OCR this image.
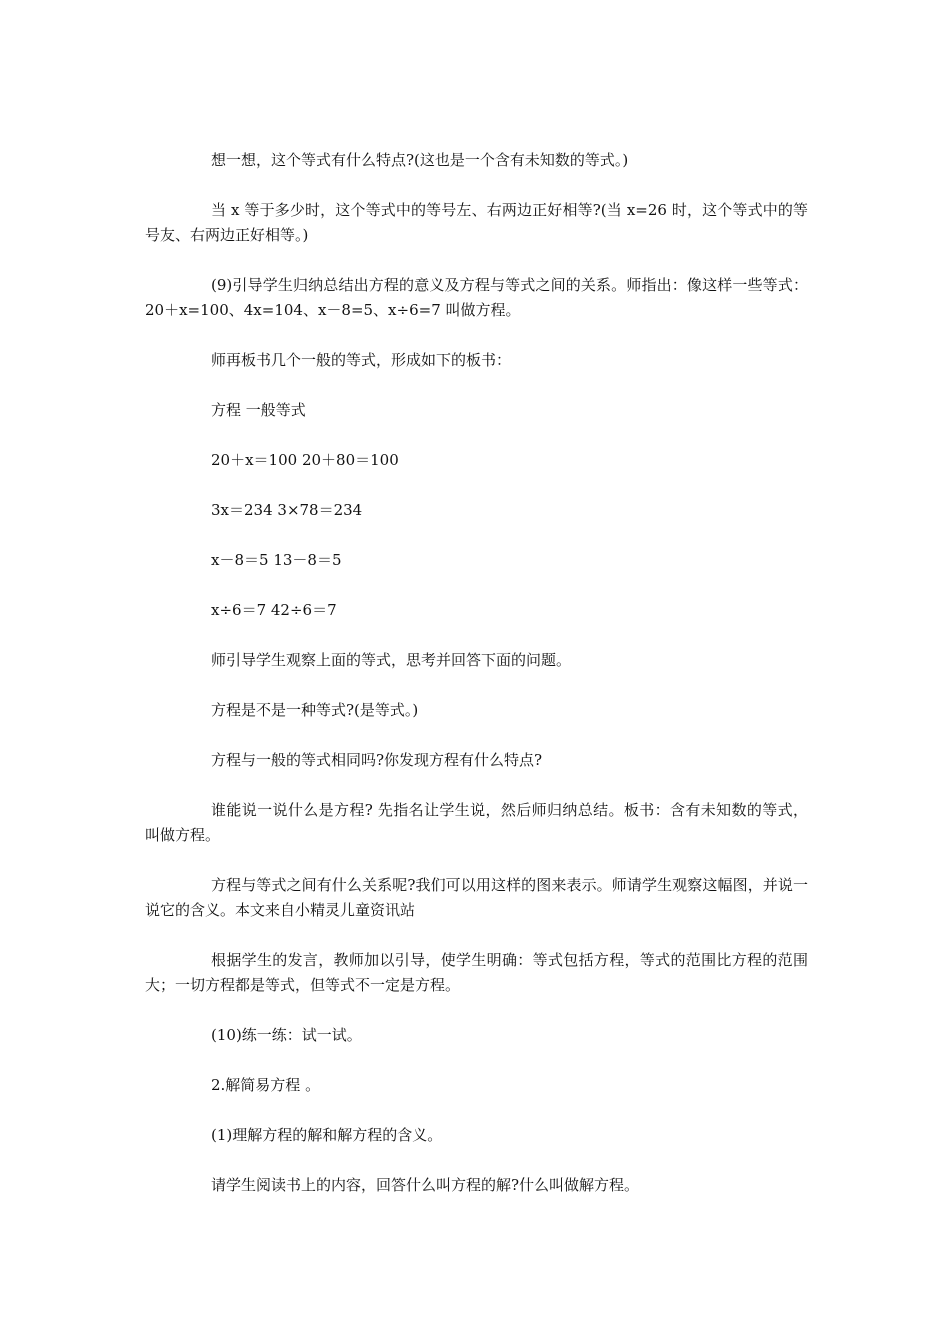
想一想，这个等式有什么特点?(这也是一个含有未知数的等式。)

当 x 等于多少时，这个等式中的等号左、右两边正好相等?(当 x=26 时，这个等式中的等号友、右两边正好相等。)

(9)引导学生归纳总结出方程的意义及方程与等式之间的关系。师指出：像这样一些等式：20＋x=100、4x=104、x－8=5、x÷6=7 叫做方程。

师再板书几个一般的等式，形成如下的板书：

方程 一般等式

20＋x＝100 20＋80＝100

3x＝234 3×78＝234

x－8＝5 13－8＝5

x÷6＝7 42÷6＝7

师引导学生观察上面的等式，思考并回答下面的问题。

方程是不是一种等式?(是等式。)

方程与一般的等式相同吗?你发现方程有什么特点?

谁能说一说什么是方程? 先指名让学生说，然后师归纳总结。板书：含有未知数的等式，叫做方程。

方程与等式之间有什么关系呢?我们可以用这样的图来表示。师请学生观察这幅图，并说一说它的含义。本文来自小精灵儿童资讯站

根据学生的发言，教师加以引导，使学生明确：等式包括方程，等式的范围比方程的范围大；一切方程都是等式，但等式不一定是方程。

(10)练一练：试一试。

2.解简易方程 。

(1)理解方程的解和解方程的含义。

请学生阅读书上的内容，回答什么叫方程的解?什么叫做解方程。
